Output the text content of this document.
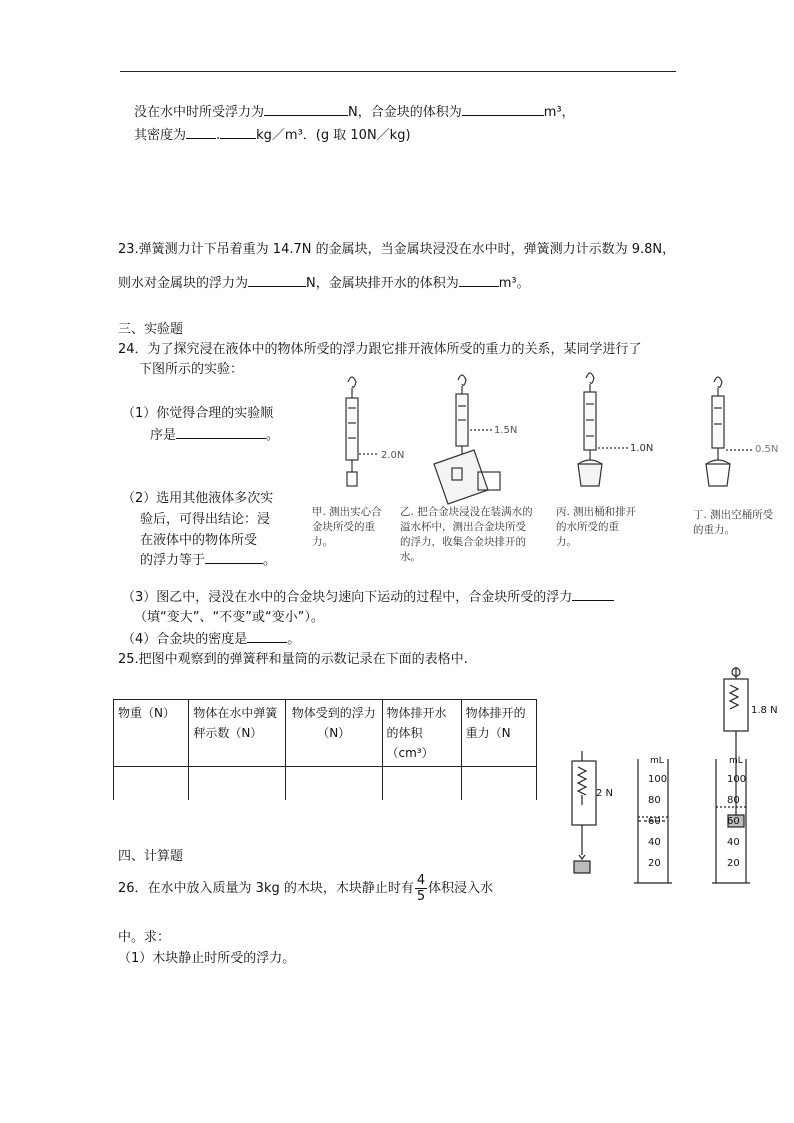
没在水中时所受浮力为	N，合金块的体积为	m³，
其密度为 .	kg／m³．(g 取 10N／kg)
23.弹簧测力计下吊着重为 14.7N 的金属块，当金属块浸没在水中时，弹簧测力计示数为 9.8N，
则水对金属块的浮力为	N，金属块排开水的体积为	m³。
三、实验题
24．为了探究浸在液体中的物体所受的浮力跟它排开液体所受的重力的关系，某同学进行了
下图所示的实验：
（1）你觉得合理的实验顺
序是	。
（2）选用其他液体多次实
验后，可得出结论：浸
在液体中的物体所受
的浮力等于	。
2.0N
1.5N
1.0N	0.5N
甲. 测出实心合金块所受的重力。
乙. 把合金块浸没在装满水的溢水杯中，测出合金块所受的浮力，收集合金块排开的水。
丙. 测出桶和排开的水所受的重力。
丁. 测出空桶所受的重力。
（3）图乙中，浸没在水中的合金块匀速向下运动的过程中，合金块所受的浮力
（填“变大”、“不变”或“变小”）。
（4）合金块的密度是	。
25.把图中观察到的弹簧秤和量筒的示数记录在下面的表格中.
物重（N）	物体在水中弹簧秤示数（N）	物体受到的浮力（N）	物体排开水的体积（cm³）	物体排开的重力（N

2 N
1.8 N
mL	mL
100
80
60
40
20
100
80
60
40
20
四、计算题
26．在水中放入质量为 3kg 的木块，木块静止时有 $\frac{4}{5}$ 体积浸入水
中。求：
（1）木块静止时所受的浮力。
